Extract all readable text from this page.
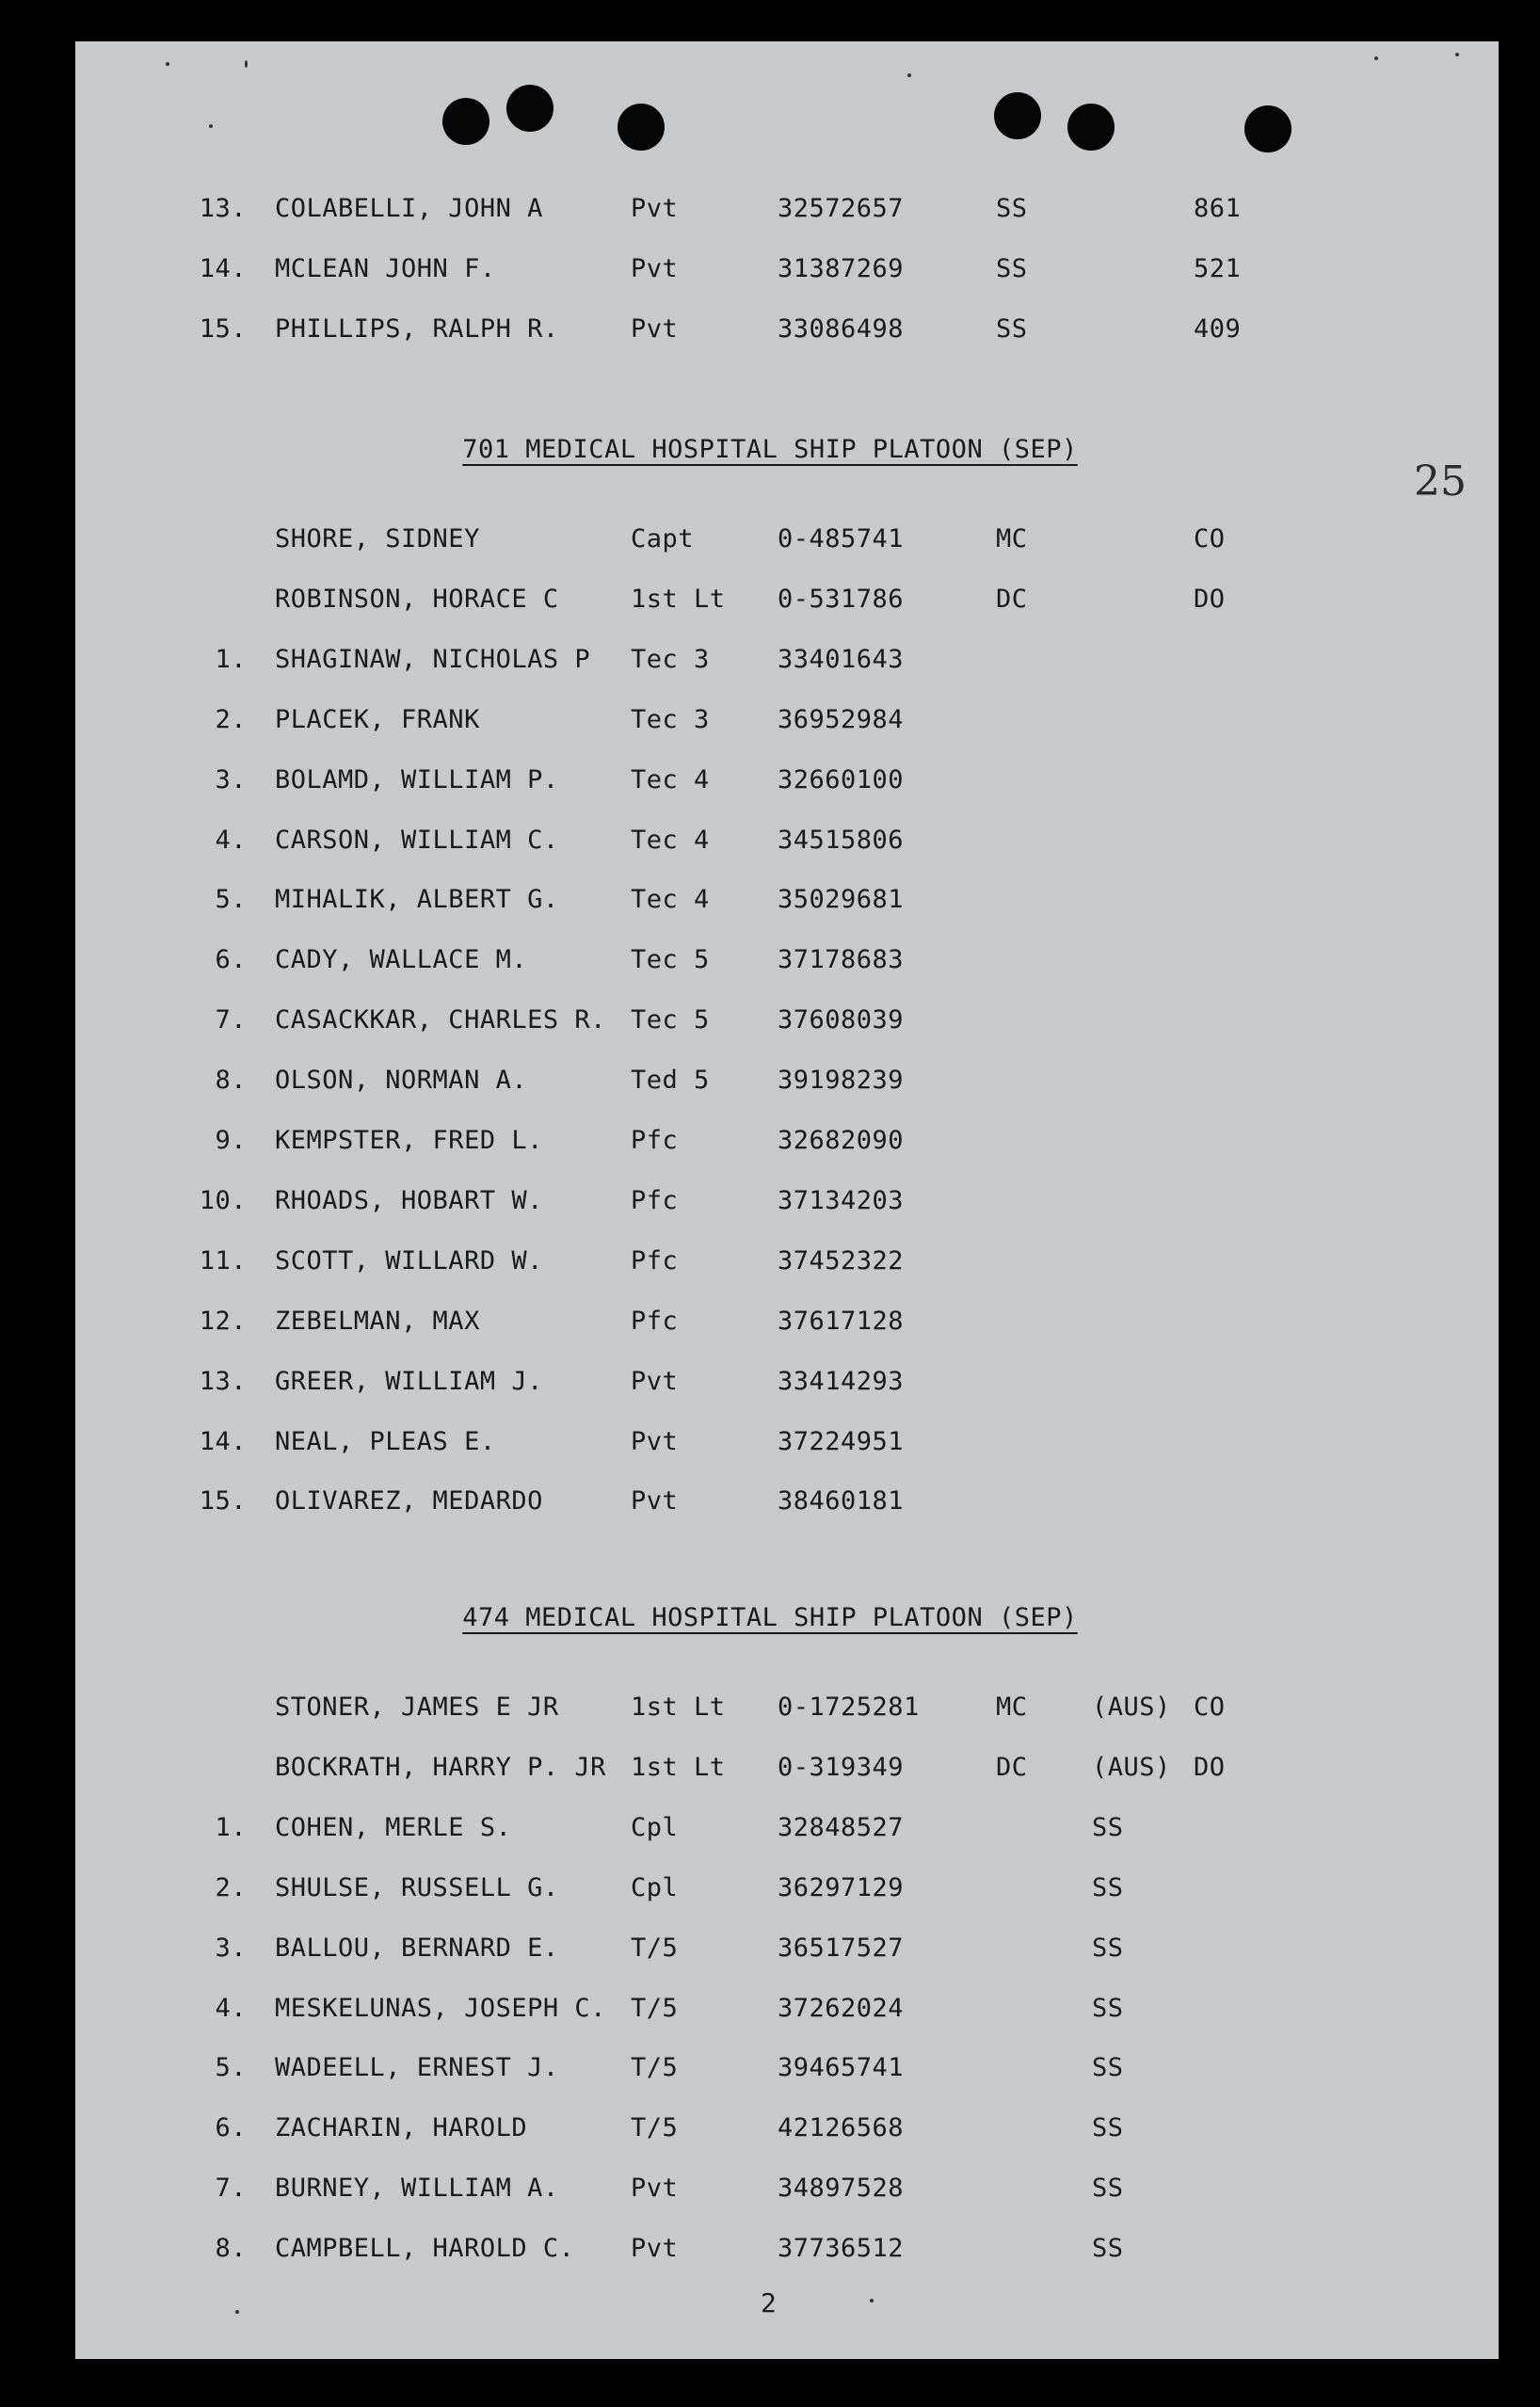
25
13. COLABELLI, JOHN A	Pvt	32572657	SS	861
14. MCLEAN JOHN F.	Pvt	31387269	SS	521
15. PHILLIPS, RALPH R.	Pvt	33086498	SS	409
701 MEDICAL HOSPITAL SHIP PLATOON (SEP)
SHORE, SIDNEY	Capt	0-485741	MC	CO
ROBINSON, HORACE C	1st Lt 0-531786	DC	DO
1. SHAGINAW, NICHOLAS P Tec 3	33401643
2. PLACEK, FRANK	Tec 3	36952984
3. BOLAMD, WILLIAM P.	Tec 4	32660100
4. CARSON, WILLIAM C.	Tec 4	34515806
5. MIHALIK, ALBERT G.	Tec 4	35029681
6. CADY, WALLACE M.	Tec 5	37178683
7. CASACKKAR, CHARLES R. Tec 5	37608039
8. OLSON, NORMAN A.	Ted 5	39198239
9. KEMPSTER, FRED L.	Pfc	32682090
10. RHOADS, HOBART W.	Pfc	37134203
11. SCOTT, WILLARD W.	Pfc	37452322
12. ZEBELMAN, MAX	Pfc	37617128
13. GREER, WILLIAM J.	Pvt	33414293
14. NEAL, PLEAS E.	Pvt	37224951
15. OLIVAREZ, MEDARDO	Pvt	38460181
474 MEDICAL HOSPITAL SHIP PLATOON (SEP)
STONER, JAMES E JR	1st Lt 0-1725281	MC	(AUS) CO
BOCKRATH, HARRY P. JR 1st Lt 0-319349	DC	(AUS) DO
1. COHEN, MERLE S.	Cpl	32848527	SS
2. SHULSE, RUSSELL G.	Cpl	36297129	SS
3. BALLOU, BERNARD E.	T/5	36517527	SS
4. MESKELUNAS, JOSEPH C. T/5	37262024	SS
5. WADEELL, ERNEST J.	T/5	39465741	SS
6. ZACHARIN, HAROLD	T/5	42126568	SS
7. BURNEY, WILLIAM A.	Pvt	34897528	SS
8. CAMPBELL, HAROLD C. Pvt	37736512	SS
2
